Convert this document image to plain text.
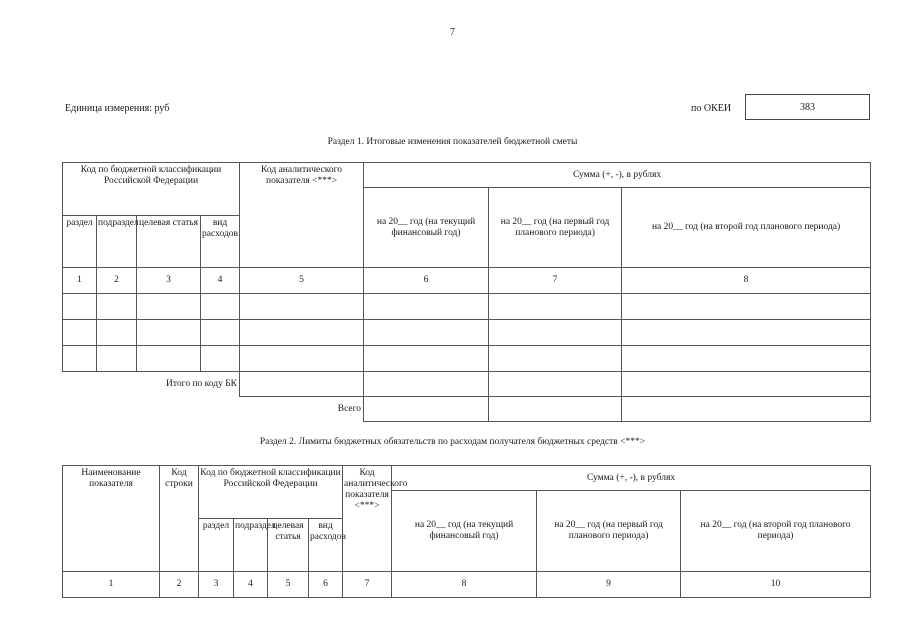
7
Единица измерения: руб	по ОКЕИ	383
Раздел 1. Итоговые изменения показателей бюджетной сметы
Код по бюджетной классификации Российской Федерации				Код аналитического показателя <***>	Сумма (+, -), в рублях		
					на 20__ год (на текущий финансовый год)	на 20__ год (на первый год планового периода)	на 20__ год (на второй год планового периода)
раздел	подраздел	целевая статья	вид расходов				
1	2	3	4	5	6	7	8

Итого по коду БК							
Всего							
Раздел 2. Лимиты бюджетных обязательств по расходам получателя бюджетных средств <***>
Наименование показателя	Код строки	Код по бюджетной классификации Российской Федерации				Код аналитического показателя <***>	Сумма (+, -), в рублях		
							на 20__ год (на текущий финансовый год)	на 20__ год (на первый год планового периода)	на 20__ год (на второй год планового периода)
		раздел	подраздел	целевая статья	вид расходов				
1	2	3	4	5	6	7	8	9	10
